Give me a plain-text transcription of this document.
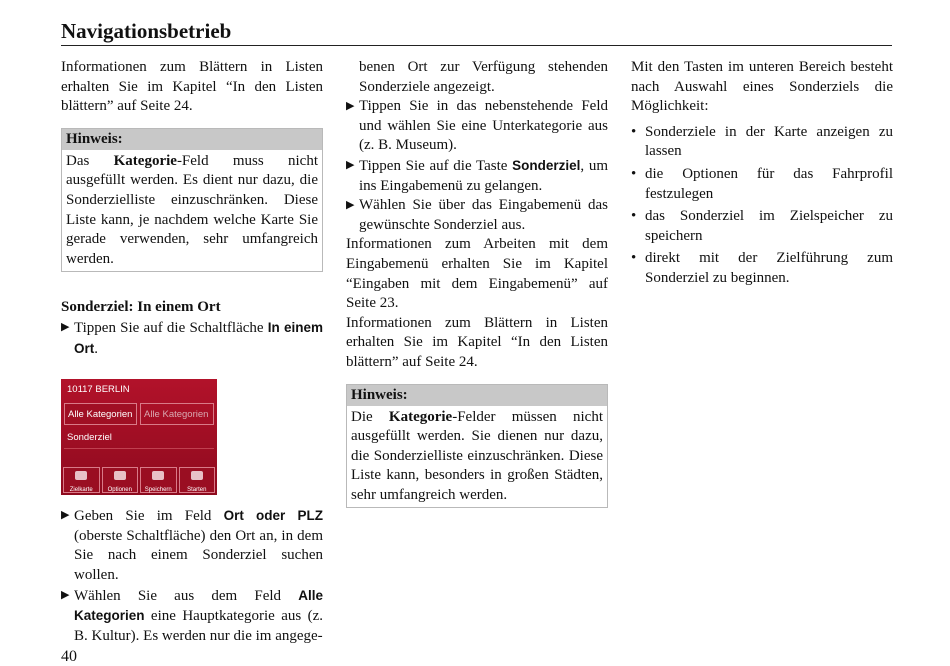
Navigationsbetrieb

Informationen zum Blättern in Listen erhalten Sie im Kapitel “In den Listen blättern” auf Seite 24.

Hinweis:
Das Kategorie-Feld muss nicht ausgefüllt werden. Es dient nur dazu, die Sonderzielliste einzuschränken. Diese Liste kann, je nachdem welche Karte Sie gerade verwenden, sehr umfangreich werden.
Sonderziel: In einem Ort
▶ Tippen Sie auf die Schaltfläche In einem Ort.
10117 BERLIN
Alle Kategorien	Alle Kategorien
Sonderziel
Zielkarte	Optionen	Speichern	Starten
▶ Geben Sie im Feld Ort oder PLZ (oberste Schaltfläche) den Ort an, in dem Sie nach einem Sonderziel suchen wollen.
▶ Wählen Sie aus dem Feld Alle Kategorien eine Hauptkategorie aus (z. B. Kultur). Es werden nur die im angege-
benen Ort zur Verfügung stehenden Sonderziele angezeigt.
▶ Tippen Sie in das nebenstehende Feld und wählen Sie eine Unterkategorie aus (z. B. Museum).
▶ Tippen Sie auf die Taste Sonderziel, um ins Eingabemenü zu gelangen.
▶ Wählen Sie über das Eingabemenü das gewünschte Sonderziel aus.

Informationen zum Arbeiten mit dem Eingabemenü erhalten Sie im Kapitel “Eingaben mit dem Eingabemenü” auf Seite 23.

Informationen zum Blättern in Listen erhalten Sie im Kapitel “In den Listen blättern” auf Seite 24.

Hinweis:
Die Kategorie-Felder müssen nicht ausgefüllt werden. Sie dienen nur dazu, die Sonderzielliste einzuschränken. Diese Liste kann, besonders in großen Städten, sehr umfangreich werden.

Mit den Tasten im unteren Bereich besteht nach Auswahl eines Sonderziels die Möglichkeit:

• Sonderziele in der Karte anzeigen zu lassen
• die Optionen für das Fahrprofil festzulegen
• das Sonderziel im Zielspeicher zu speichern
• direkt mit der Zielführung zum Sonderziel zu beginnen.
40
